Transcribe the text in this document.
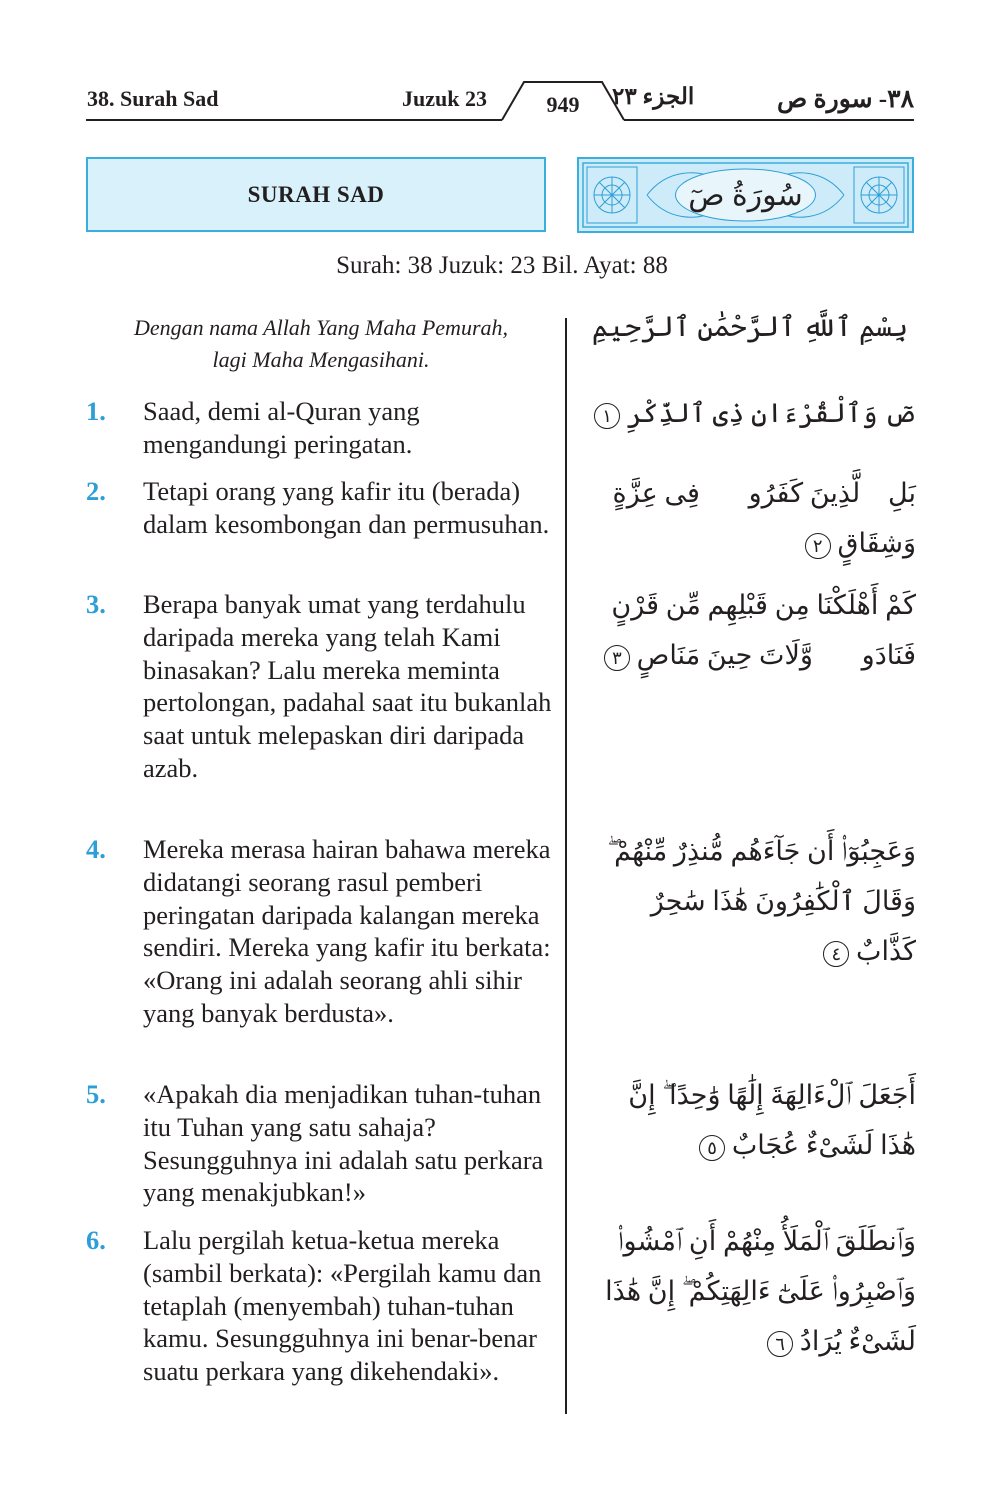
38. Surah Sad	Juzuk 23	949	الجزء ٢٣	٣٨- سورة ص
SURAH SAD	سُورَةُ صٓ
Surah: 38 Juzuk: 23 Bil. Ayat: 88
Dengan nama Allah Yang Maha Pemurah,
lagi Maha Mengasihani.
بِسْمِ ٱللَّهِ ٱلرَّحْمَٰنِ ٱلرَّحِيمِ
1. Saad, demi al-Quran yang mengandungi peringatan.
2. Tetapi orang yang kafir itu (berada) dalam kesombongan dan permusuhan.
3. Berapa banyak umat yang terdahulu daripada mereka yang telah Kami binasakan? Lalu mereka meminta pertolongan, padahal saat itu bukanlah saat untuk melepaskan diri daripada azab.
4. Mereka merasa hairan bahawa mereka didatangi seorang rasul pemberi peringatan daripada kalangan mereka sendiri. Mereka yang kafir itu berkata: «Orang ini adalah seorang ahli sihir yang banyak berdusta».
5. «Apakah dia menjadikan tuhan-tuhan itu Tuhan yang satu sahaja? Sesungguhnya ini adalah satu perkara yang menakjubkan!»
6. Lalu pergilah ketua-ketua mereka (sambil berkata): «Pergilah kamu dan tetaplah (menyembah) tuhan-tuhan kamu. Sesungguhnya ini benar-benar suatu perkara yang dikehendaki».
صٓ وَٱلْقُرْءَانِ ذِى ٱلذِّكْرِ ١
بَلِ ٱلَّذِينَ كَفَرُوا۟ فِى عِزَّةٍ وَشِقَاقٍ ٢
كَمْ أَهْلَكْنَا مِن قَبْلِهِم مِّن قَرْنٍ فَنَادَوا۟ وَّلَاتَ حِينَ مَنَاصٍ ٣
وَعَجِبُوٓا۟ أَن جَآءَهُم مُّنذِرٌ مِّنْهُمْ ۖ وَقَالَ ٱلْكَٰفِرُونَ هَٰذَا سَٰحِرٌ كَذَّابٌ ٤
أَجَعَلَ ٱلْءَالِهَةَ إِلَٰهًا وَٰحِدًا ۖ إِنَّ هَٰذَا لَشَىْءٌ عُجَابٌ ٥
وَٱنطَلَقَ ٱلْمَلَأُ مِنْهُمْ أَنِ ٱمْشُوا۟ وَٱصْبِرُوا۟ عَلَىٰٓ ءَالِهَتِكُمْ ۖ إِنَّ هَٰذَا لَشَىْءٌ يُرَادُ ٦
